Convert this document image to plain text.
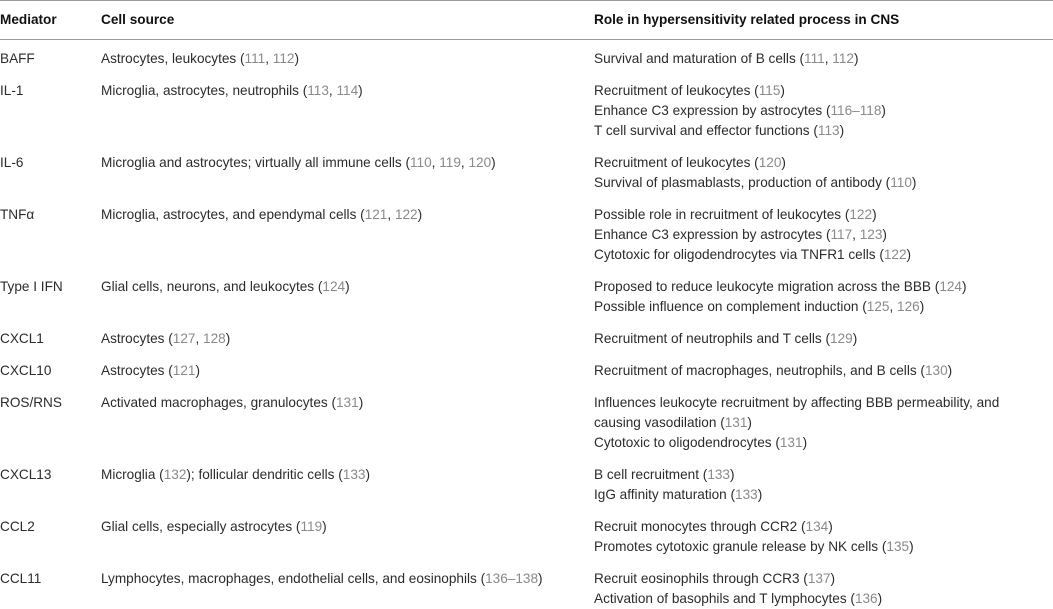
Mediator	Cell source	Role in hypersensitivity related process in CNS
BAFF	Astrocytes, leukocytes (111, 112)	Survival and maturation of B cells (111, 112)

IL-1	Microglia, astrocytes, neutrophils (113, 114)	Recruitment of leukocytes (115)
Enhance C3 expression by astrocytes (116–118)
T cell survival and effector functions (113)

IL-6	Microglia and astrocytes; virtually all immune cells (110, 119, 120)	Recruitment of leukocytes (120)
Survival of plasmablasts, production of antibody (110)

TNFα	Microglia, astrocytes, and ependymal cells (121, 122)	Possible role in recruitment of leukocytes (122)
Enhance C3 expression by astrocytes (117, 123)
Cytotoxic for oligodendrocytes via TNFR1 cells (122)

Type I IFN	Glial cells, neurons, and leukocytes (124)	Proposed to reduce leukocyte migration across the BBB (124)
Possible influence on complement induction (125, 126)

CXCL1	Astrocytes (127, 128)	Recruitment of neutrophils and T cells (129)

CXCL10	Astrocytes (121)	Recruitment of macrophages, neutrophils, and B cells (130)

ROS/RNS	Activated macrophages, granulocytes (131)	Influences leukocyte recruitment by affecting BBB permeability, and
causing vasodilation (131)
Cytotoxic to oligodendrocytes (131)

CXCL13	Microglia (132); follicular dendritic cells (133)	B cell recruitment (133)
IgG affinity maturation (133)

CCL2	Glial cells, especially astrocytes (119)	Recruit monocytes through CCR2 (134)
Promotes cytotoxic granule release by NK cells (135)

CCL11	Lymphocytes, macrophages, endothelial cells, and eosinophils (136–138)	Recruit eosinophils through CCR3 (137)
Activation of basophils and T lymphocytes (136)
